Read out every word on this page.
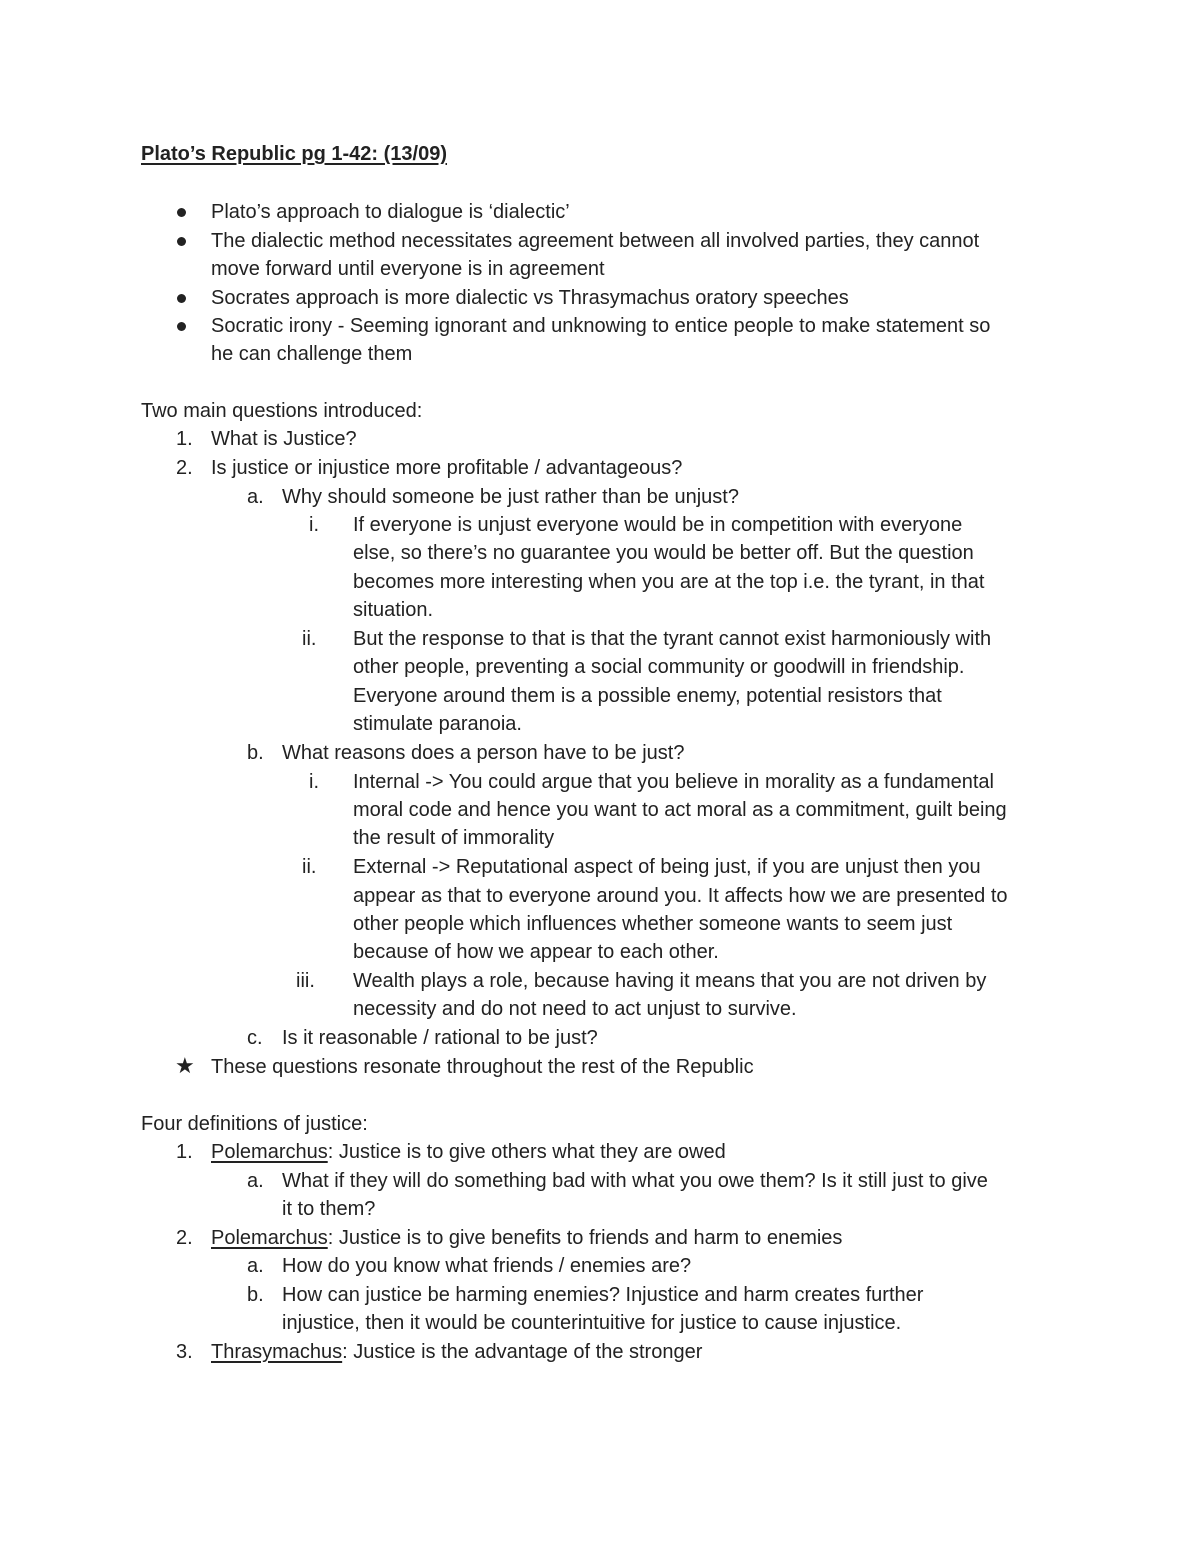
Plato’s Republic pg 1-42: (13/09)
Plato’s approach to dialogue is ‘dialectic’
The dialectic method necessitates agreement between all involved parties, they cannot
move forward until everyone is in agreement
Socrates approach is more dialectic vs Thrasymachus oratory speeches
Socratic irony - Seeming ignorant and unknowing to entice people to make statement so
he can challenge them
Two main questions introduced:
1. What is Justice?
2. Is justice or injustice more profitable / advantageous?
a. Why should someone be just rather than be unjust?
i. If everyone is unjust everyone would be in competition with everyone
else, so there’s no guarantee you would be better off. But the question
becomes more interesting when you are at the top i.e. the tyrant, in that
situation.
ii. But the response to that is that the tyrant cannot exist harmoniously with
other people, preventing a social community or goodwill in friendship.
Everyone around them is a possible enemy, potential resistors that
stimulate paranoia.
b. What reasons does a person have to be just?
i. Internal -> You could argue that you believe in morality as a fundamental
moral code and hence you want to act moral as a commitment, guilt being
the result of immorality
ii. External -> Reputational aspect of being just, if you are unjust then you
appear as that to everyone around you. It affects how we are presented to
other people which influences whether someone wants to seem just
because of how we appear to each other.
iii. Wealth plays a role, because having it means that you are not driven by
necessity and do not need to act unjust to survive.
c. Is it reasonable / rational to be just?
★ These questions resonate throughout the rest of the Republic
Four definitions of justice:
1. Polemarchus: Justice is to give others what they are owed
a. What if they will do something bad with what you owe them? Is it still just to give
it to them?
2. Polemarchus: Justice is to give benefits to friends and harm to enemies
a. How do you know what friends / enemies are?
b. How can justice be harming enemies? Injustice and harm creates further
injustice, then it would be counterintuitive for justice to cause injustice.
3. Thrasymachus: Justice is the advantage of the stronger
